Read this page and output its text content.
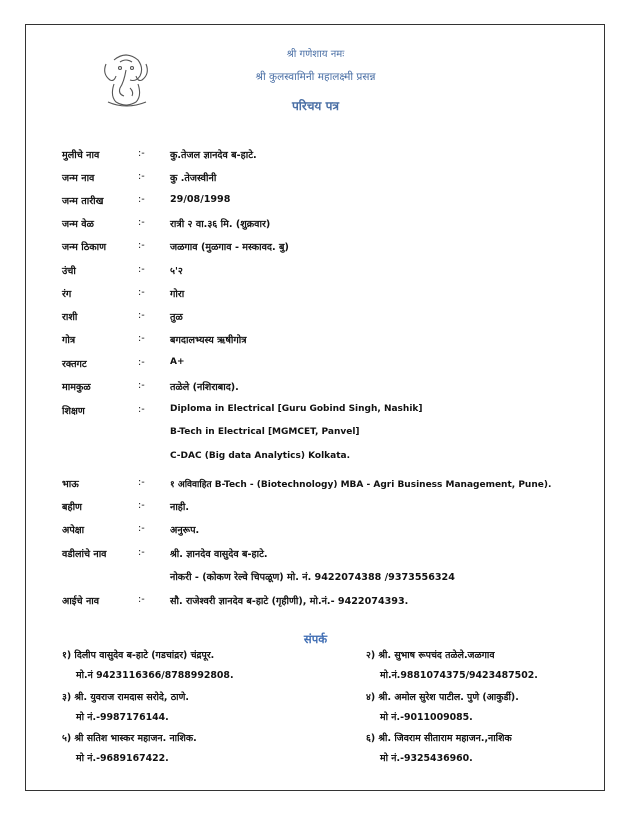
श्री गणेशाय नमः
श्री कुलस्वामिनी महालक्ष्मी प्रसन्न
परिचय पत्र
मुलीचे नाव	:-	कु.तेजल ज्ञानदेव ब-हाटे.
जन्म नाव	:-	कु .तेजस्वीनी
जन्म तारीख	:-	29/08/1998
जन्म वेळ	:-	रात्री २ वा.३६ मि. (शुक्रवार)
जन्म ठिकाण	:-	जळगाव (मुळगाव - मस्कावद. बु)
उंची	:-	५'२
रंग	:-	गोरा
राशी	:-	तुळ
गोत्र	:-	बगदालभ्यस्य ऋषीगोत्र
रक्तगट	:-	A+
मामकुळ	:-	तळेले (नशिराबाद).
शिक्षण	:-	Diploma in Electrical [Guru Gobind Singh, Nashik]
B-Tech in Electrical [MGMCET, Panvel]
C-DAC (Big data Analytics) Kolkata.
भाऊ	:-	१ अविवाहित B-Tech - (Biotechnology) MBA - Agri Business Management, Pune).
बहीण	:-	नाही.
अपेक्षा	:-	अनुरूप.
वडीलांचे नाव	:-	श्री. ज्ञानदेव वासुदेव ब-हाटे.
नोकरी - (कोकण रेल्वे चिपळूण) मो. नं. 9422074388 /9373556324
आईचे नाव	:-	सौ. राजेश्वरी ज्ञानदेव ब-हाटे (गृहीणी), मो.नं.- 9422074393.
संपर्क
१) दिलीप वासुदेव ब-हाटे (गडचांद्रर) चंद्रपूर.
मो.नं 9423116366/8788992808.
३) श्री. युवराज रामदास सरोदे, ठाणे.
मो नं.-9987176144.
५) श्री सतिश भास्कर महाजन. नाशिक.
मो नं.-9689167422.
२) श्री. सुभाष रूपचंद तळेले.जळगाव
मो.नं.9881074375/9423487502.
४) श्री. अमोल सुरेश पाटील. पुणे (आकुर्डी).
मो नं.-9011009085.
६) श्री. जिवराम सीताराम महाजन.,नाशिक
मो नं.-9325436960.
